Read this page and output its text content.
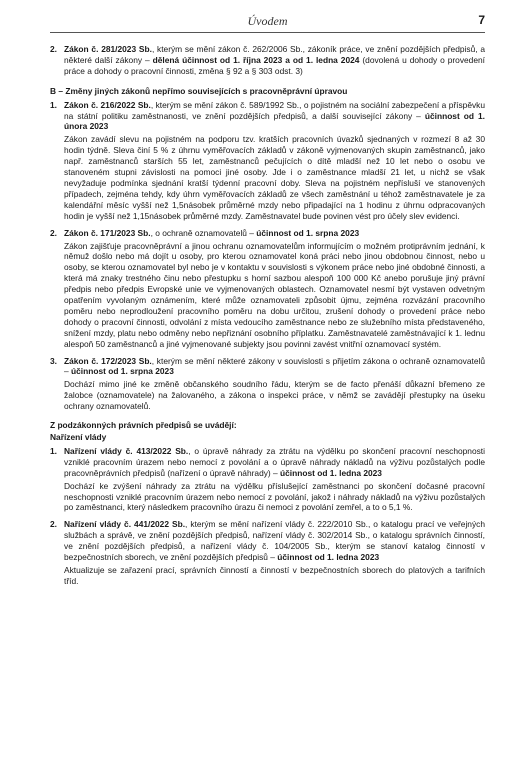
Úvodem	7
2. Zákon č. 281/2023 Sb., kterým se mění zákon č. 262/2006 Sb., zákoník práce, ve znění pozdějších předpisů, a některé další zákony – dělená účinnost od 1. října 2023 a od 1. ledna 2024 (dovolená u dohody o provedení práce a dohody o pracovní činnosti, změna § 92 a § 303 odst. 3)

B – Změny jiných zákonů nepřímo souvisejících s pracovněprávní úpravou
1. Zákon č. 216/2022 Sb., kterým se mění zákon č. 589/1992 Sb., o pojistném na sociální zabezpečení a příspěvku na státní politiku zaměstnanosti, ve znění pozdějších předpisů, a další související zákony – účinnost od 1. února 2023

Zákon zavádí slevu na pojistném na podporu tzv. kratších pracovních úvazků sjednaných v rozmezí 8 až 30 hodin týdně. Sleva činí 5 % z úhrnu vyměřovacích základů v zákoně vyjmenovaných skupin zaměstnanců, jako např. zaměstnanců starších 55 let, zaměstnanců pečujících o dítě mladší než 10 let nebo o osobu ve stanoveném stupni závislosti na pomoci jiné osoby. Jde i o zaměstnance mladší 21 let, u nichž se však nevyžaduje podmínka sjednání kratší týdenní pracovní doby. Sleva na pojistném nepřísluší ve stanovených případech, zejména tehdy, kdy úhrn vyměřovacích základů ze všech zaměstnání u téhož zaměstnavatele je za kalendářní měsíc vyšší než 1,5násobek průměrné mzdy nebo připadající na 1 hodinu z úhrnu odpracovaných hodin je vyšší než 1,15násobek průměrné mzdy. Zaměstnavatel bude povinen vést pro účely slev evidenci.

2. Zákon č. 171/2023 Sb., o ochraně oznamovatelů – účinnost od 1. srpna 2023

Zákon zajišťuje pracovněprávní a jinou ochranu oznamovatelům informujícím o možném protiprávním jednání, k němuž došlo nebo má dojít u osoby, pro kterou oznamovatel koná práci nebo jinou obdobnou činnost, nebo u osoby, se kterou oznamovatel byl nebo je v kontaktu v souvislosti s výkonem práce nebo jiné obdobné činnosti, a která má znaky trestného činu nebo přestupku s horní sazbou alespoň 100 000 Kč anebo porušuje jiný právní předpis nebo předpis Evropské unie ve vyjmenovaných oblastech. Oznamovatel nesmí být vystaven odvetným opatřením vyvolaným oznámením, které může oznamovateli způsobit újmu, zejména rozvázání pracovního poměru nebo neprodloužení pracovního poměru na dobu určitou, zrušení dohody o provedení práce nebo dohody o pracovní činnosti, odvolání z místa vedoucího zaměstnance nebo ze služebního místa představeného, snížení mzdy, platu nebo odměny nebo nepřiznání osobního příplatku. Zaměstnavatelé zaměstnávající k 1. lednu alespoň 50 zaměstnanců a jiné vyjmenované subjekty jsou povinni zavést vnitřní oznamovací systém.

3. Zákon č. 172/2023 Sb., kterým se mění některé zákony v souvislosti s přijetím zákona o ochraně oznamovatelů – účinnost od 1. srpna 2023

Dochází mimo jiné ke změně občanského soudního řádu, kterým se de facto přenáší důkazní břemeno ze žalobce (oznamovatele) na žalovaného, a zákona o inspekci práce, v němž se zavádějí přestupky na úseku ochrany oznamovatelů.

Z podzákonných právních předpisů se uvádějí:
Nařízení vlády
1. Nařízení vlády č. 413/2022 Sb., o úpravě náhrady za ztrátu na výdělku po skončení pracovní neschopnosti vzniklé pracovním úrazem nebo nemocí z povolání a o úpravě náhrady nákladů na výživu pozůstalých podle pracovněprávních předpisů (nařízení o úpravě náhrady) – účinnost od 1. ledna 2023

Dochází ke zvýšení náhrady za ztrátu na výdělku příslušející zaměstnanci po skončení dočasné pracovní neschopnosti vzniklé pracovním úrazem nebo nemocí z povolání, jakož i náhrady nákladů na výživu pozůstalých po zaměstnanci, který následkem pracovního úrazu či nemoci z povolání zemřel, a to o 5,1 %.

2. Nařízení vlády č. 441/2022 Sb., kterým se mění nařízení vlády č. 222/2010 Sb., o katalogu prací ve veřejných službách a správě, ve znění pozdějších předpisů, nařízení vlády č. 302/2014 Sb., o katalogu správních činností, ve znění pozdějších předpisů, a nařízení vlády č. 104/2005 Sb., kterým se stanoví katalog činností v bezpečnostních sborech, ve znění pozdějších předpisů – účinnost od 1. ledna 2023

Aktualizuje se zařazení prací, správních činností a činností v bezpečnostních sborech do platových a tarifních tříd.
